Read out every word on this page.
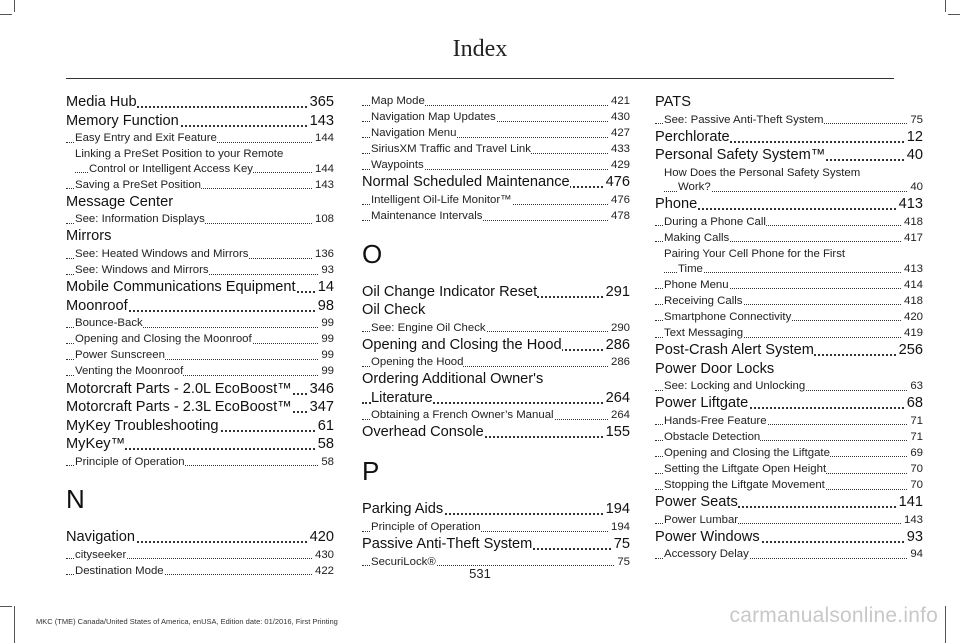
Index
Media Hub	365
Memory Function	143
Easy Entry and Exit Feature	144
Linking a PreSet Position to your Remote
Control or Intelligent Access Key	144
Saving a PreSet Position	143
Message Center
See: Information Displays	108
Mirrors
See: Heated Windows and Mirrors	136
See: Windows and Mirrors	93
Mobile Communications Equipment 14
Moonroof	98
Bounce-Back	99
Opening and Closing the Moonroof	99
Power Sunscreen	99
Venting the Moonroof	99
Motorcraft Parts - 2.0L EcoBoost™ 346
Motorcraft Parts - 2.3L EcoBoost™ 347
MyKey Troubleshooting	61
MyKey™	58
Principle of Operation	58
N
Navigation	420
cityseeker	430
Destination Mode	422
Map Mode	421
Navigation Map Updates	430
Navigation Menu	427
SiriusXM Traffic and Travel Link	433
Waypoints	429
Normal Scheduled Maintenance 476
Intelligent Oil-Life Monitor™	476
Maintenance Intervals	478
O
Oil Change Indicator Reset	291
Oil Check
See: Engine Oil Check	290
Opening and Closing the Hood	286
Opening the Hood	286
Ordering Additional Owner's
Literature	264
Obtaining a French Owner’s Manual	264
Overhead Console	155
P
Parking Aids	194
Principle of Operation	194
Passive Anti-Theft System	75
SecuriLock®	75
PATS
See: Passive Anti-Theft System	75
Perchlorate	12
Personal Safety System™	40
How Does the Personal Safety System
Work?	40
Phone	413
During a Phone Call	418
Making Calls	417
Pairing Your Cell Phone for the First
Time	413
Phone Menu	414
Receiving Calls	418
Smartphone Connectivity	420
Text Messaging	419
Post-Crash Alert System	256
Power Door Locks
See: Locking and Unlocking	63
Power Liftgate	68
Hands-Free Feature	71
Obstacle Detection	71
Opening and Closing the Liftgate	69
Setting the Liftgate Open Height	70
Stopping the Liftgate Movement	70
Power Seats	141
Power Lumbar	143
Power Windows	93
Accessory Delay	94
531
MKC (TME) Canada/United States of America, enUSA, Edition date: 01/2016, First Printing	carmanualsonline.info
